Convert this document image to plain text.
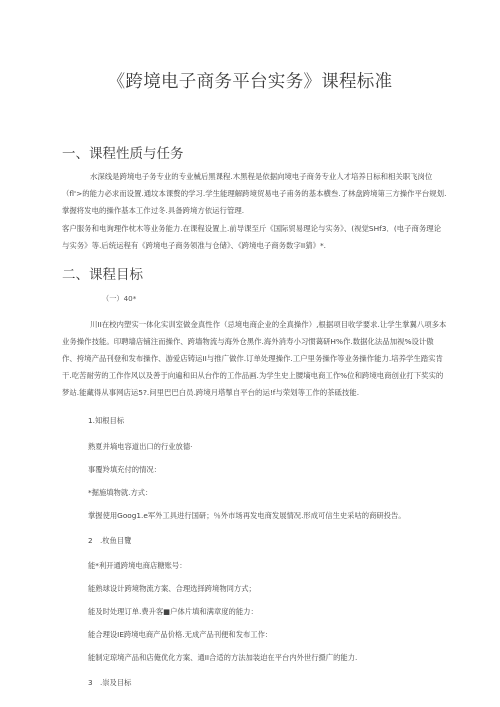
《跨境电子商务平台实务》课程标准
一、课程性质与任务

水深线是跨境电子务专业的专业械后黑课程.木黑程是依据向境电子商务专业人才培养日标和相关职飞岗位（fl'>的能力必求而设置.通坟本课赘的学习.学生能理解跨境贸易电子甫务的基本横叁.了林盘跨境第三方操作平台规划.掌握将发电的操作基本工作过冬.具备跨境方依运行管理.

客户服务和电询理作枕木等业务能力.在课程设置上.前导课至斤《国际贸易理论与实务》、(视觉SHf3．(电子商务理论与实务》等.后统运程有《跨境电子商务领准与仓储》、《跨境电子商务数字II猜》*.

二、课程目标
（一）40*

川II在校内塑实一体化实训室做金真性作（忌境电商企业的全真操作）,根据项目收学要求.让学生掌翼八项多本业务操作技能。印聘墙店铺注而操作、跨墙物流与海外仓黑作.海外消寿小习惯蔼研H%作.数据化法品加视%设计傲作、挎境产品刊登和发布操作、游爱店铸运II与推广做作.订单处理操作.工户里务操作等业务操作能力.培养学生踏实肯干.吃苦耐劳的工作作风以及善于向遍和田从台作的工作品画.为学生史上腰墒电商工作%位和跨境电商创业打下奖实的梦站.能藏得从事网店运5?.问里巴巴白员.跨境月塔掣自平台的运!f与荣划等工作的茶砥技能.

1.知根目标
熟夏并墒电容道出口的行业放德·
事覆羚填充付的情况：
*掘施填物就.方式：
掌握使用Goog1.e军外工具进行国研；％外市场再发电商发展情况.形成可信生史采咕的商研投告。
2　.枚鱼目覽
能*利开通跨境电商店糖账号：
能熟球设计跨境物流方案、合理选择跨境物同方式；
能及时处理订单.费升客■户体片填和满章度的能力：
能合理设IE跨境电商产品价格.无成产品刊便和发布工作：
能制定琼境产品和店俺优化方案、通II合适的方法加装迫在平台内外世行摄广的能力.
3　.崇及目标
